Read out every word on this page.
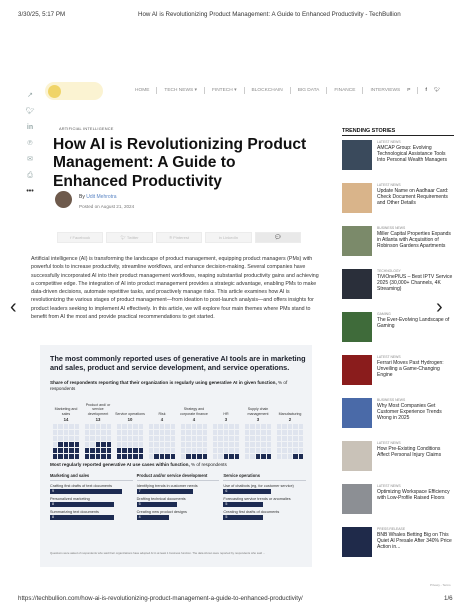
3/30/25, 5:17 PM	How AI is Revolutionizing Product Management: A Guide to Enhanced Productivity - TechBullion
HOME	TECH NEWS ▾	FINTECH ▾	BLOCKCHAIN	BIG DATA	FINANCE	INTERVIEWS P	f 🐦︎
↗
🐦︎
in
℗
✉
⎙
•••
ARTIFICIAL INTELLIGENCE
How AI is Revolutionizing Product Management: A Guide to Enhanced Productivity
By Udit Mehrotra
Posted on August 21, 2024
f Facebook	🐦︎ Twitter	℗ Pinterest	in LinkedIn	💬︎
Artificial intelligence (AI) is transforming the landscape of product management, equipping product managers (PMs) with powerful tools to increase productivity, streamline workflows, and enhance decision-making. Several companies have successfully incorporated AI into their product management workflows, reaping substantial productivity gains and achieving a competitive edge. The integration of AI into product management provides a strategic advantage, enabling PMs to make data-driven decisions, automate repetitive tasks, and proactively manage risks. This article examines how AI is revolutionizing the various stages of product management—from ideation to post-launch analysis—and offers insights for product leaders seeking to implement AI effectively. In this article, we will explore four main themes where PMs stand to benefit from AI the most and provide practical recommendations to get started.
‹	›
The most commonly reported uses of generative AI tools are in marketing and sales, product and service development, and service operations.
Share of respondents reporting that their organization is regularly using generative AI in given function, % of respondents
Marketing and sales
14
Product and/ or service development
13
Service operations
10
Risk
4
Strategy and corporate finance
4
HR
3
Supply chain management
3
Manufacturing
2
Most regularly reported generative AI use cases within function, % of respondents
Marketing and sales
Crafting first drafts of text documents
9
Personalized marketing
8
Summarizing text documents
8
Product and/or service development
Identifying trends in customer needs
7
Drafting technical documents
5
Creating new product designs
4
Service operations
Use of chatbots (eg, for customer service)
6
Forecasting service trends or anomalies
5
Creating first drafts of documents
5
Questions were asked of respondents who said their organizations have adopted AI in at least 1 business function. The data shown were reported by respondents who said ...
TRENDING STORIES
LATEST NEWS
AMCAP Group: Evolving Technological Assistance Tools Into Personal Wealth Managers
LATEST NEWS
Update Name on Aadhaar Card: Check Document Requirements and Other Details
BUSINESS NEWS
Miller Capital Properties Expands in Atlanta with Acquisition of Robinson Gardens Apartments
TECHNOLOGY
TiViOnePlUS – Best IPTV Service 2025 (30,000+ Channels, 4K Streaming)
GAMING
The Ever-Evolving Landscape of Gaming
LATEST NEWS
Ferrari Moves Past Hydrogen: Unveiling a Game-Changing Engine
BUSINESS NEWS
Why Most Companies Get Customer Experience Trends Wrong in 2025
LATEST NEWS
How Pre-Existing Conditions Affect Personal Injury Claims
LATEST NEWS
Optimizing Workspace Efficiency with Low-Profile Raised Floors
PRESS RELEASE
BNB Whales Betting Big on This Quiet AI Presale After 340% Price Action in...
Privacy - Terms
https://techbullion.com/how-ai-is-revolutionizing-product-management-a-guide-to-enhanced-productivity/	1/6
